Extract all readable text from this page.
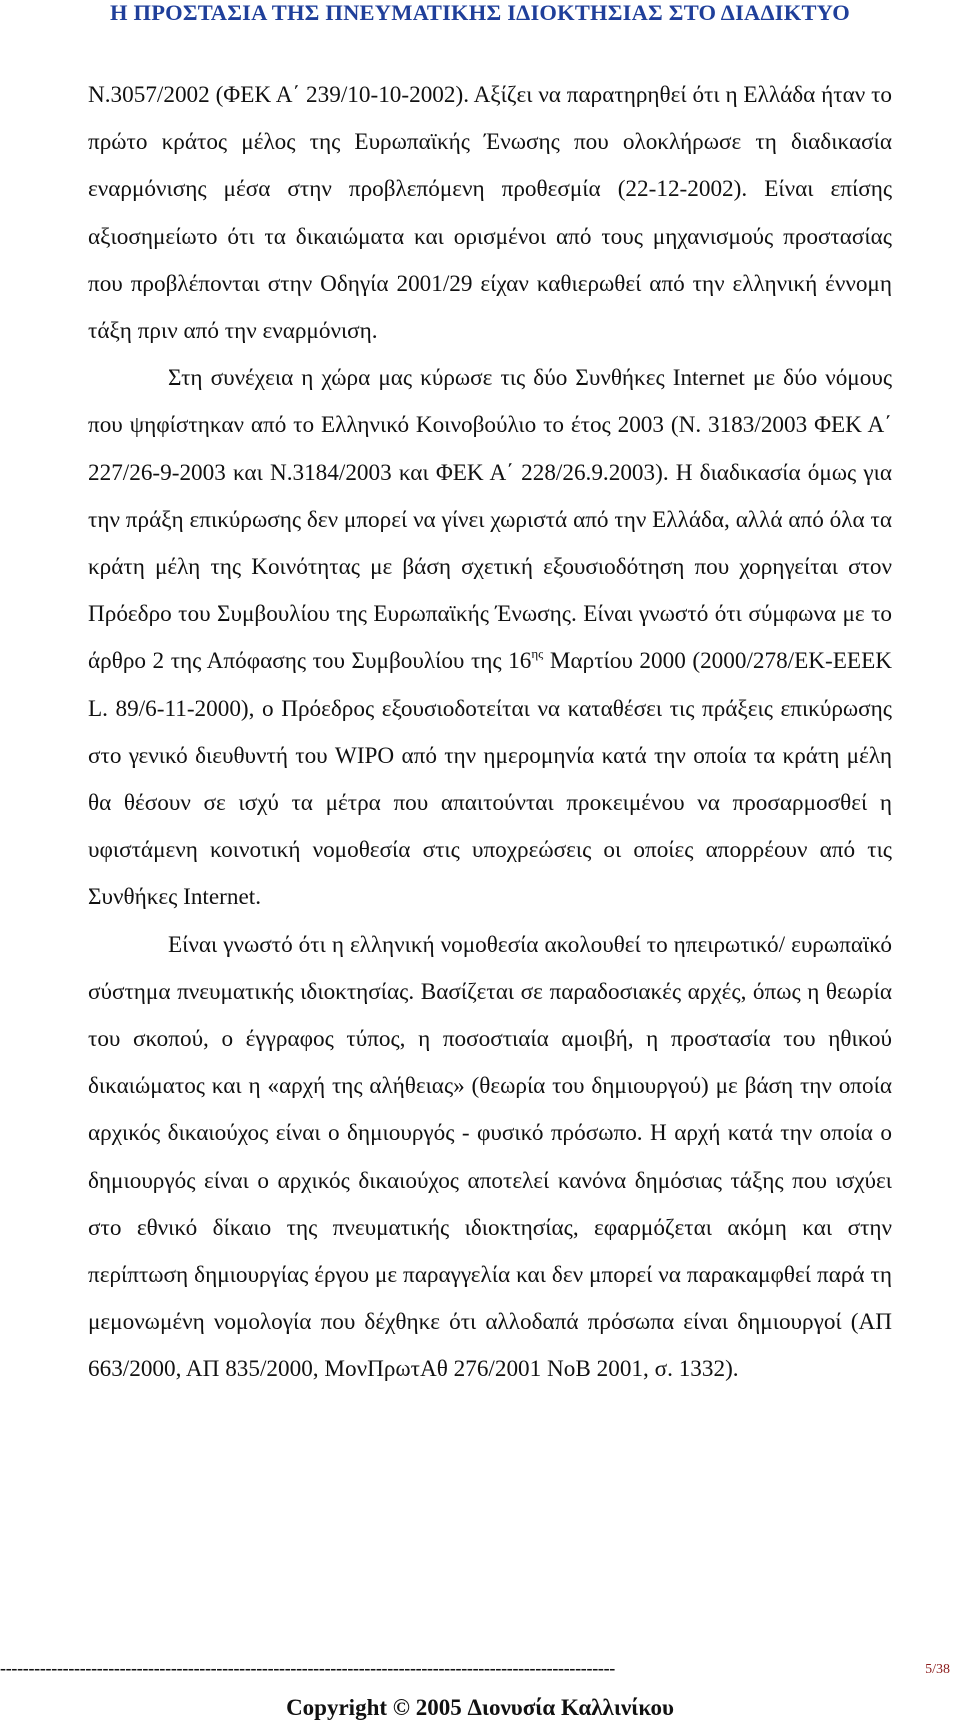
Η ΠΡΟΣΤΑΣΙΑ ΤΗΣ ΠΝΕΥΜΑΤΙΚΗΣ ΙΔΙΟΚΤΗΣΙΑΣ ΣΤΟ ΔΙΑΔΙΚΤΥΟ

Ν.3057/2002 (ΦΕΚ Α΄ 239/10-10-2002). Αξίζει να παρατηρηθεί ότι η Ελλάδα ήταν το πρώτο κράτος μέλος της Ευρωπαϊκής Ένωσης που ολοκλήρωσε τη διαδικασία εναρμόνισης μέσα στην προβλεπόμενη προθεσμία (22-12-2002). Είναι επίσης αξιοσημείωτο ότι τα δικαιώματα και ορισμένοι από τους μηχανισμούς προστασίας που προβλέπονται στην Οδηγία 2001/29 είχαν καθιερωθεί από την ελληνική έννομη τάξη πριν από την εναρμόνιση.

Στη συνέχεια η χώρα μας κύρωσε τις δύο Συνθήκες Internet με δύο νόμους που ψηφίστηκαν από το Ελληνικό Κοινοβούλιο το έτος 2003 (Ν. 3183/2003 ΦΕΚ Α΄ 227/26-9-2003 και Ν.3184/2003 και ΦΕΚ Α΄ 228/26.9.2003). Η διαδικασία όμως για την πράξη επικύρωσης δεν μπορεί να γίνει χωριστά από την Ελλάδα, αλλά από όλα τα κράτη μέλη της Κοινότητας με βάση σχετική εξουσιοδότηση που χορηγείται στον Πρόεδρο του Συμβουλίου της Ευρωπαϊκής Ένωσης. Είναι γνωστό ότι σύμφωνα με το άρθρο 2 της Απόφασης του Συμβουλίου της $16^{\eta\varsigma}$ Μαρτίου 2000 (2000/278/ΕΚ-ΕΕΕΚ L. 89/6-11-2000), ο Πρόεδρος εξουσιοδοτείται να καταθέσει τις πράξεις επικύρωσης στο γενικό διευθυντή του WIPO από την ημερομηνία κατά την οποία τα κράτη μέλη θα θέσουν σε ισχύ τα μέτρα που απαιτούνται προκειμένου να προσαρμοσθεί η υφιστάμενη κοινοτική νομοθεσία στις υποχρεώσεις οι οποίες απορρέουν από τις Συνθήκες Internet.

Είναι γνωστό ότι η ελληνική νομοθεσία ακολουθεί το ηπειρωτικό/ ευρωπαϊκό σύστημα πνευματικής ιδιοκτησίας. Βασίζεται σε παραδοσιακές αρχές, όπως η θεωρία του σκοπού, ο έγγραφος τύπος, η ποσοστιαία αμοιβή, η προστασία του ηθικού δικαιώματος και η «αρχή της αλήθειας» (θεωρία του δημιουργού) με βάση την οποία αρχικός δικαιούχος είναι ο δημιουργός - φυσικό πρόσωπο. Η αρχή κατά την οποία ο δημιουργός είναι ο αρχικός δικαιούχος αποτελεί κανόνα δημόσιας τάξης που ισχύει στο εθνικό δίκαιο της πνευματικής ιδιοκτησίας, εφαρμόζεται ακόμη και στην περίπτωση δημιουργίας έργου με παραγγελία και δεν μπορεί να παρακαμφθεί παρά τη μεμονωμένη νομολογία που δέχθηκε ότι αλλοδαπά πρόσωπα είναι δημιουργοί (ΑΠ 663/2000, ΑΠ 835/2000, ΜονΠρωτΑθ 276/2001 ΝοΒ 2001, σ. 1332).

------------------------------------------------------------------------------------------------------------	5/38
Copyright © 2005 Διονυσία Καλλινίκου
